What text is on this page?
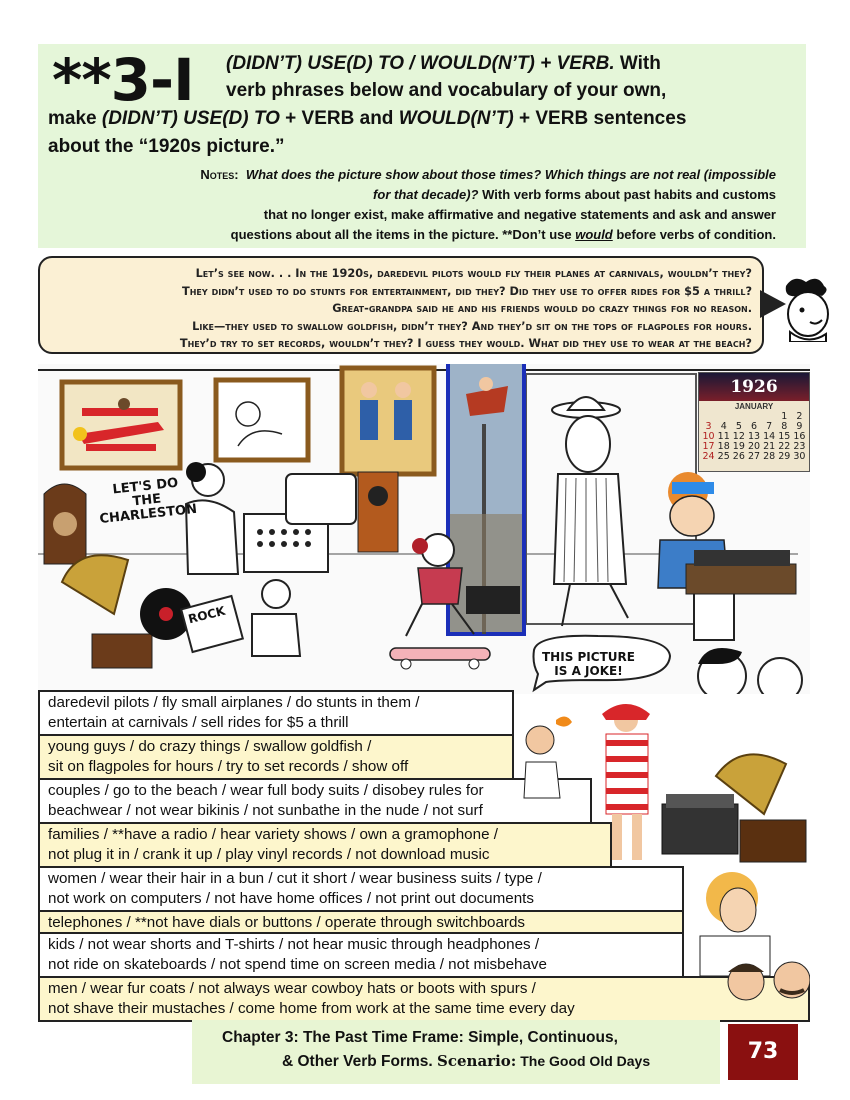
**3-I (DIDN’T) USE(D) TO / WOULD(N’T) + VERB. With
verb phrases below and vocabulary of your own,
make (DIDN’T) USE(D) TO + VERB and WOULD(N’T) + VERB sentences
about the “1920s picture.”
Notes: What does the picture show about those times? Which things are not real (impossible
for that decade)? With verb forms about past habits and customs
that no longer exist, make affirmative and negative statements and ask and answer
questions about all the items in the picture. **Don’t use would before verbs of condition.
Let’s see now. . . In the 1920s, daredevil pilots would fly their planes at carnivals, wouldn’t they?
They didn’t used to do stunts for entertainment, did they? Did they use to offer rides for $5 a thrill?
Great-grandpa said he and his friends would do crazy things for no reason.
Like—they used to swallow goldfish, didn’t they? And they’d sit on the tops of flagpoles for hours.
They’d try to set records, wouldn’t they? I guess they would. What did they use to wear at the beach?
LET'S DO
THE
CHARLESTON
ROCK
THIS PICTURE
IS A JOKE!
1926
JANUARY
1 2
3 4 5 6 7 8 9
10 11 12 13 14 15 16
17 18 19 20 21 22 23
24 25 26 27 28 29 30
daredevil pilots / fly small airplanes / do stunts in them /
entertain at carnivals / sell rides for $5 a thrill
young guys / do crazy things / swallow goldfish /
sit on flagpoles for hours / try to set records / show off
couples / go to the beach / wear full body suits / disobey rules for
beachwear / not wear bikinis / not sunbathe in the nude / not surf
families / **have a radio / hear variety shows / own a gramophone /
not plug it in / crank it up / play vinyl records / not download music
women / wear their hair in a bun / cut it short / wear business suits / type /
not work on computers / not have home offices / not print out documents
telephones / **not have dials or buttons / operate through switchboards
kids / not wear shorts and T-shirts / not hear music through headphones /
not ride on skateboards / not spend time on screen media / not misbehave
men / wear fur coats / not always wear cowboy hats or boots with spurs /
not shave their mustaches / come home from work at the same time every day
Chapter 3: The Past Time Frame: Simple, Continuous,
& Other Verb Forms. Scenario: The Good Old Days	73
